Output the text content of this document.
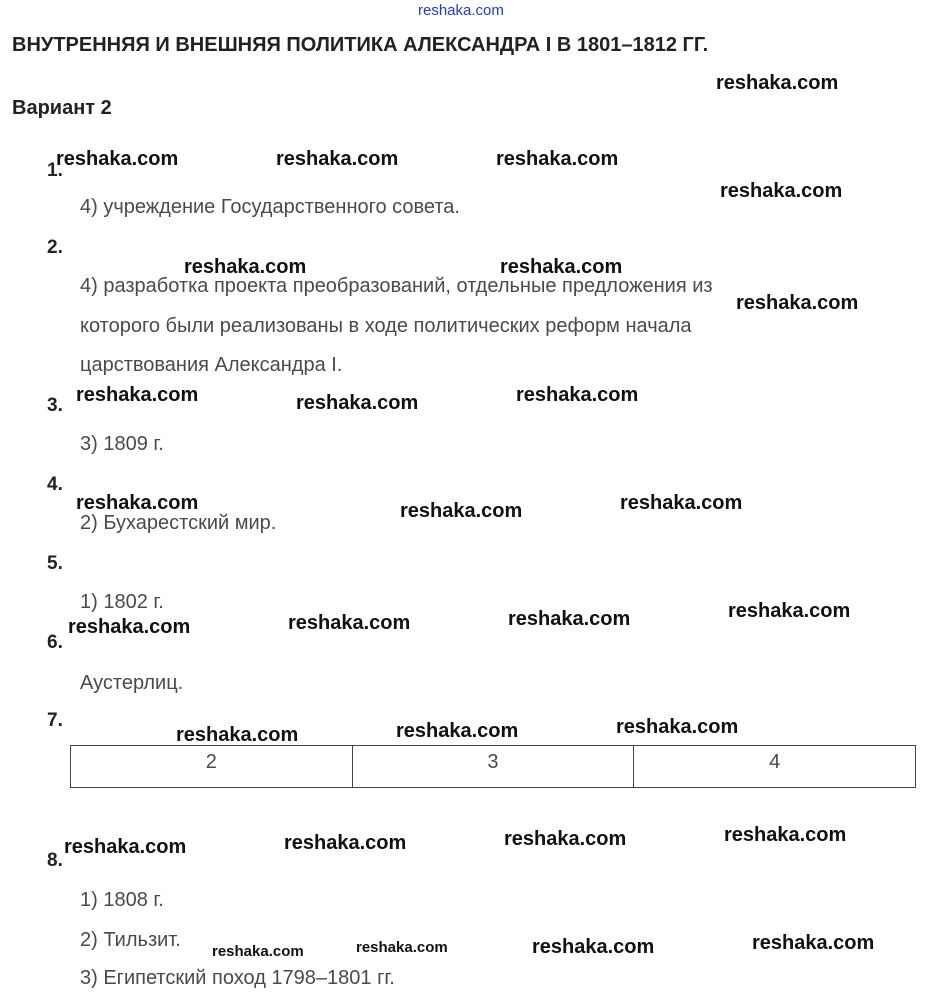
reshaka.com
ВНУТРЕННЯЯ И ВНЕШНЯЯ ПОЛИТИКА АЛЕКСАНДРА I В 1801–1812 ГГ.
Вариант 2
1.
4) учреждение Государственного совета.
2.
4) разработка проекта преобразований, отдельные предложения из
которого были реализованы в ходе политических реформ начала
царствования Александра I.
3.
3) 1809 г.
4.
2) Бухарестский мир.
5.
1) 1802 г.
6.
Аустерлиц.
7.
2	3	4
8.
1) 1808 г.
2) Тильзит.
3) Египетский поход 1798–1801 гг.
reshaka.com
reshaka.com	reshaka.com	reshaka.com
reshaka.com
reshaka.com	reshaka.com
reshaka.com
reshaka.com	reshaka.com	reshaka.com
reshaka.com	reshaka.com	reshaka.com
reshaka.com	reshaka.com	reshaka.com	reshaka.com
reshaka.com	reshaka.com	reshaka.com
reshaka.com	reshaka.com	reshaka.com	reshaka.com
reshaka.com	reshaka.com	reshaka.com	reshaka.com
